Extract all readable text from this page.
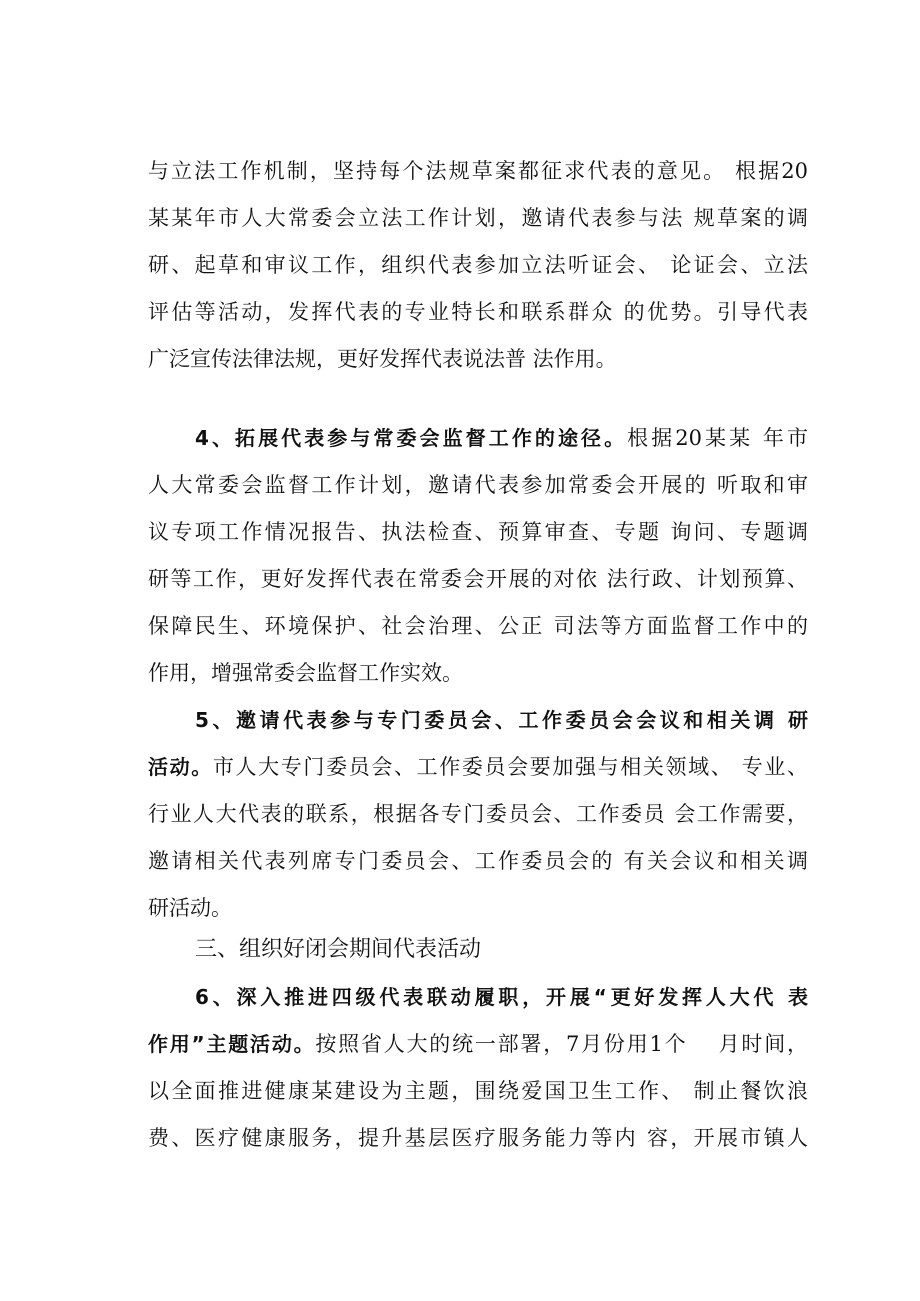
与立法工作机制，坚持每个法规草案都征求代表的意见。 根据20
某某年市人大常委会立法工作计划，邀请代表参与法 规草案的调
研、起草和审议工作，组织代表参加立法听证会、 论证会、立法
评估等活动，发挥代表的专业特长和联系群众 的优势。引导代表
广泛宣传法律法规，更好发挥代表说法普 法作用。
4、拓展代表参与常委会监督工作的途径。根据20某某 年市
人大常委会监督工作计划，邀请代表参加常委会开展的 听取和审
议专项工作情况报告、执法检查、预算审查、专题 询问、专题调
研等工作，更好发挥代表在常委会开展的对依 法行政、计划预算、
保障民生、环境保护、社会治理、公正 司法等方面监督工作中的
作用，增强常委会监督工作实效。
5、邀请代表参与专门委员会、工作委员会会议和相关调 研
活动。市人大专门委员会、工作委员会要加强与相关领域、 专业、
行业人大代表的联系，根据各专门委员会、工作委员 会工作需要，
邀请相关代表列席专门委员会、工作委员会的 有关会议和相关调
研活动。
三、组织好闭会期间代表活动
6、深入推进四级代表联动履职，开展“更好发挥人大代 表
作用”主题活动。按照省人大的统一部署，7月份用1个　 月时间，
以全面推进健康某建设为主题，围绕爱国卫生工作、 制止餐饮浪
费、医疗健康服务，提升基层医疗服务能力等内 容，开展市镇人
